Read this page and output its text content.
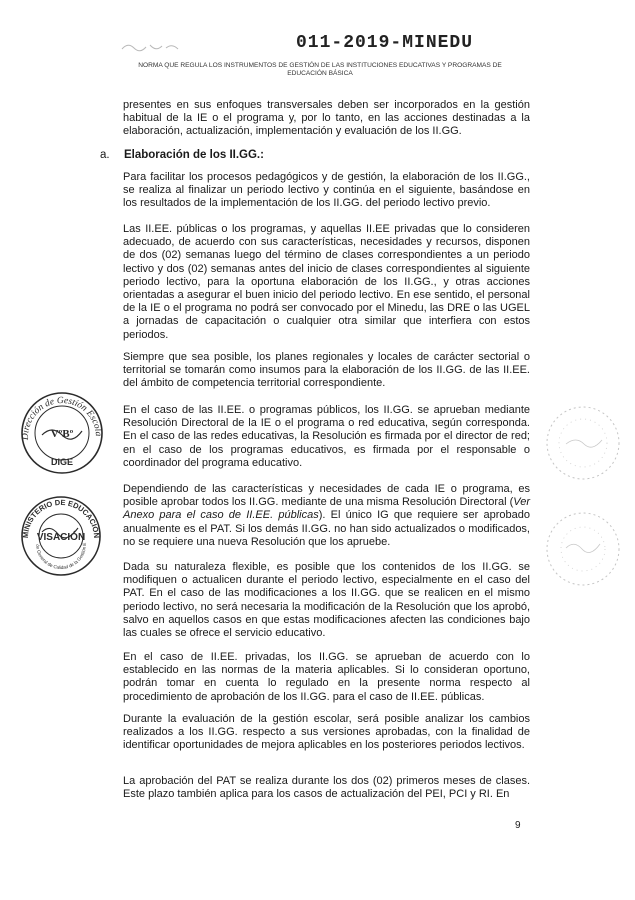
011-2019-MINEDU
NORMA QUE REGULA LOS INSTRUMENTOS DE GESTIÓN DE LAS INSTITUCIONES EDUCATIVAS Y PROGRAMAS DE EDUCACIÓN BÁSICA
presentes en sus enfoques transversales deben ser incorporados en la gestión habitual de la IE o el programa y, por lo tanto, en las acciones destinadas a la elaboración, actualización, implementación y evaluación de los II.GG.
a. Elaboración de los II.GG.:
Para facilitar los procesos pedagógicos y de gestión, la elaboración de los II.GG., se realiza al finalizar un periodo lectivo y continúa en el siguiente, basándose en los resultados de la implementación de los II.GG. del periodo lectivo previo.
Las II.EE. públicas o los programas, y aquellas II.EE privadas que lo consideren adecuado, de acuerdo con sus características, necesidades y recursos, disponen de dos (02) semanas luego del término de clases correspondientes a un periodo lectivo y dos (02) semanas antes del inicio de clases correspondientes al siguiente periodo lectivo, para la oportuna elaboración de los II.GG., y otras acciones orientadas a asegurar el buen inicio del periodo lectivo. En ese sentido, el personal de la IE o el programa no podrá ser convocado por el Minedu, las DRE o las UGEL a jornadas de capacitación o cualquier otra similar que interfiera con estos periodos.
Siempre que sea posible, los planes regionales y locales de carácter sectorial o territorial se tomarán como insumos para la elaboración de los II.GG. de las II.EE. del ámbito de competencia territorial correspondiente.
En el caso de las II.EE. o programas públicos, los II.GG. se aprueban mediante Resolución Directoral de la IE o el programa o red educativa, según corresponda. En el caso de las redes educativas, la Resolución es firmada por el director de red; en el caso de los programas educativos, es firmada por el responsable o coordinador del programa educativo.
Dependiendo de las características y necesidades de cada IE o programa, es posible aprobar todos los II.GG. mediante de una misma Resolución Directoral (Ver Anexo para el caso de II.EE. públicas). El único IG que requiere ser aprobado anualmente es el PAT. Si los demás II.GG. no han sido actualizados o modificados, no se requiere una nueva Resolución que los apruebe.
Dada su naturaleza flexible, es posible que los contenidos de los II.GG. se modifiquen o actualicen durante el periodo lectivo, especialmente en el caso del PAT. En el caso de las modificaciones a los II.GG. que se realicen en el mismo periodo lectivo, no será necesaria la modificación de la Resolución que los aprobó, salvo en aquellos casos en que estas modificaciones afecten las condiciones bajo las cuales se ofrece el servicio educativo.
En el caso de II.EE. privadas, los II.GG. se aprueban de acuerdo con lo establecido en las normas de la materia aplicables. Si lo consideran oportuno, podrán tomar en cuenta lo regulado en la presente norma respecto al procedimiento de aprobación de los II.GG. para el caso de II.EE. públicas.
Durante la evaluación de la gestión escolar, será posible analizar los cambios realizados a los II.GG. respecto a sus versiones aprobadas, con la finalidad de identificar oportunidades de mejora aplicables en los posteriores periodos lectivos.
La aprobación del PAT se realiza durante los dos (02) primeros meses de clases. Este plazo también aplica para los casos de actualización del PEI, PCI y RI. En
Dirección de Gestión Escola
VºBº
DIGE
MINISTERIO DE EDUCACIÓN
ón General de Calidad de la Gestión E
VISACIÓN
9
